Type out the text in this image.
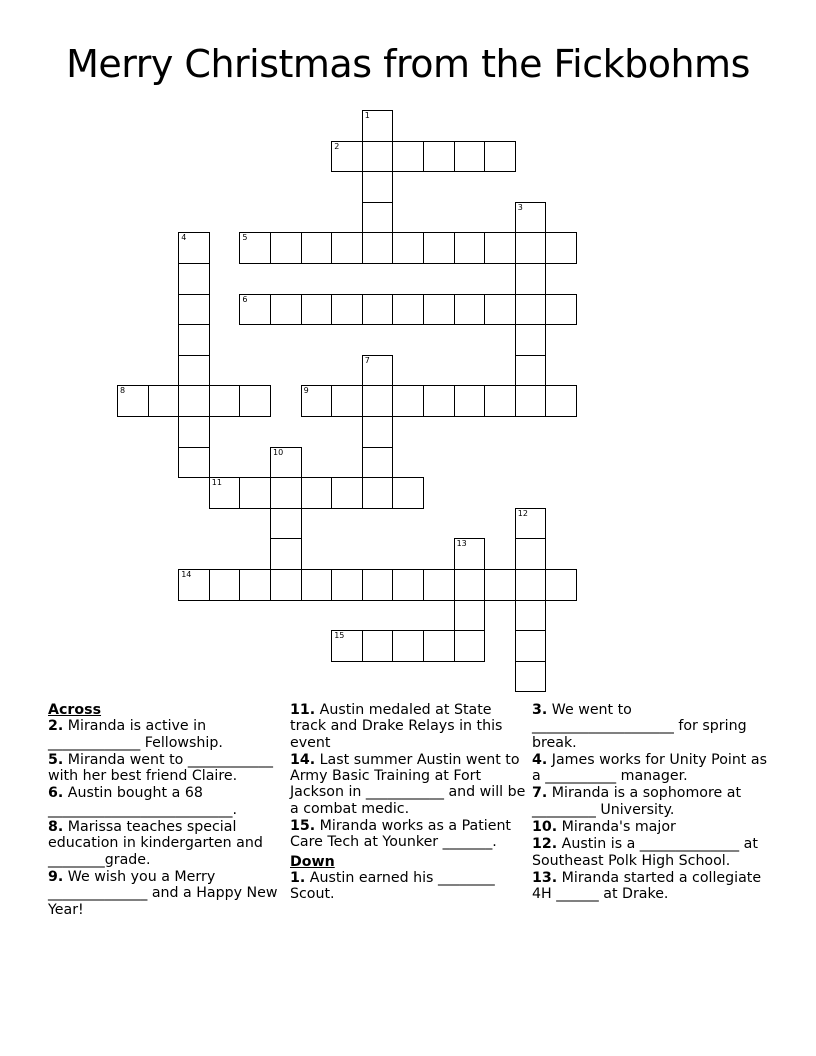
Merry Christmas from the Fickbohms
1
2
3
4	5
6
7
8	9
10
11
12
13
14
15
Across
2. Miranda is active in _____________ Fellowship.
5. Miranda went to ____________ with her best friend Claire.
6. Austin bought a 68 __________________________.
8. Marissa teaches special education in kindergarten and ________grade.
9. We wish you a Merry ______________ and a Happy New Year!
11. Austin medaled at State track and Drake Relays in this event
14. Last summer Austin went to Army Basic Training at Fort Jackson in ___________ and will be a combat medic.
15. Miranda works as a Patient Care Tech at Younker _______.
Down
1. Austin earned his ________ Scout.
3. We went to ____________________ for spring break.
4. James works for Unity Point as a __________ manager.
7. Miranda is a sophomore at _________ University.
10. Miranda's major
12. Austin is a ______________ at Southeast Polk High School.
13. Miranda started a collegiate 4H ______ at Drake.
